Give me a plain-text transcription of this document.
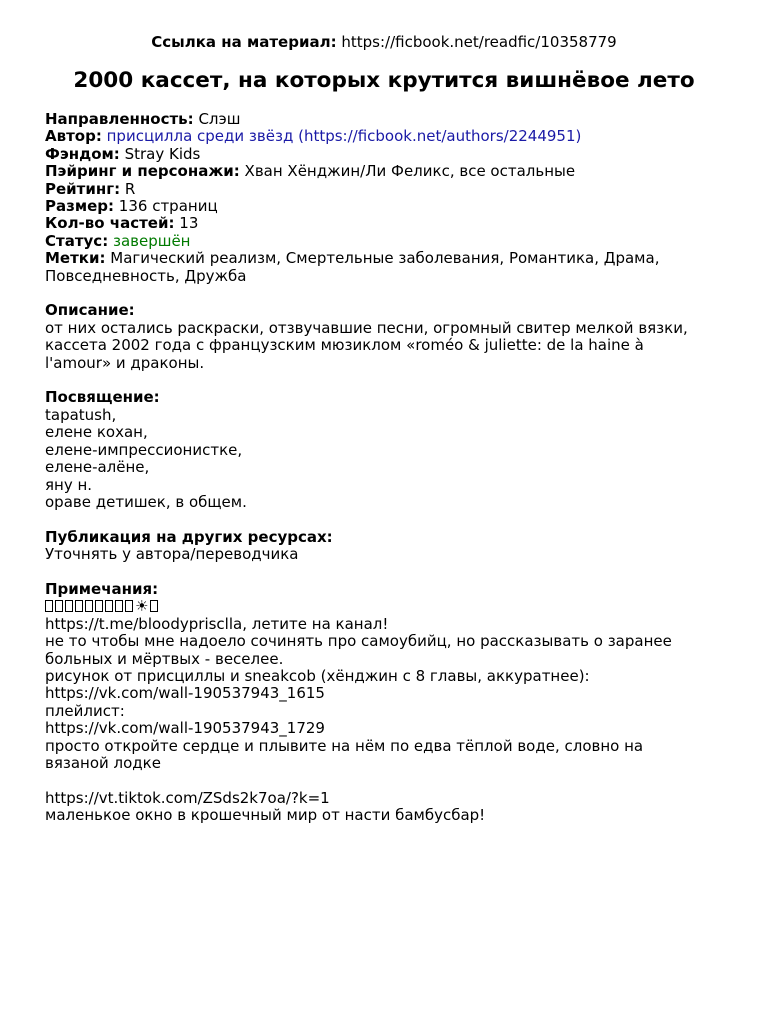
Ссылка на материал: https://ficbook.net/readfic/10358779
2000 кассет, на которых крутится вишнёвое лето
Направленность: Слэш
Автор: присцилла среди звёзд (https://ficbook.net/authors/2244951)
Фэндом: Stray Kids
Пэйринг и персонажи: Хван Хёнджин/Ли Феликс, все остальные
Рейтинг: R
Размер: 136 страниц
Кол-во частей: 13
Статус: завершён
Метки: Магический реализм, Смертельные заболевания, Романтика, Драма,
Повседневность, Дружба
Описание:
от них остались раскраски, отзвучавшие песни, огромный свитер мелкой вязки,
кассета 2002 года с французским мюзиклом «roméo & juliette: de la haine à
l'amour» и драконы.
Посвящение:
tapatush,
елене кохан,
елене-импрессионистке,
елене-алёне,
яну н.
ораве детишек, в общем.
Публикация на других ресурсах:
Уточнять у автора/переводчика
Примечания:
☀
https://t.me/bloodyprisclla, летите на канал!
не то чтобы мне надоело сочинять про самоубийц, но рассказывать о заранее
больных и мёртвых - веселее.
рисунок от присциллы и sneakcob (хёнджин с 8 главы, аккуратнее):
https://vk.com/wall-190537943_1615
плейлист:
https://vk.com/wall-190537943_1729
просто откройте сердце и плывите на нём по едва тёплой воде, словно на
вязаной лодке
https://vt.tiktok.com/ZSds2k7oa/?k=1
маленькое окно в крошечный мир от насти бамбусбар!
